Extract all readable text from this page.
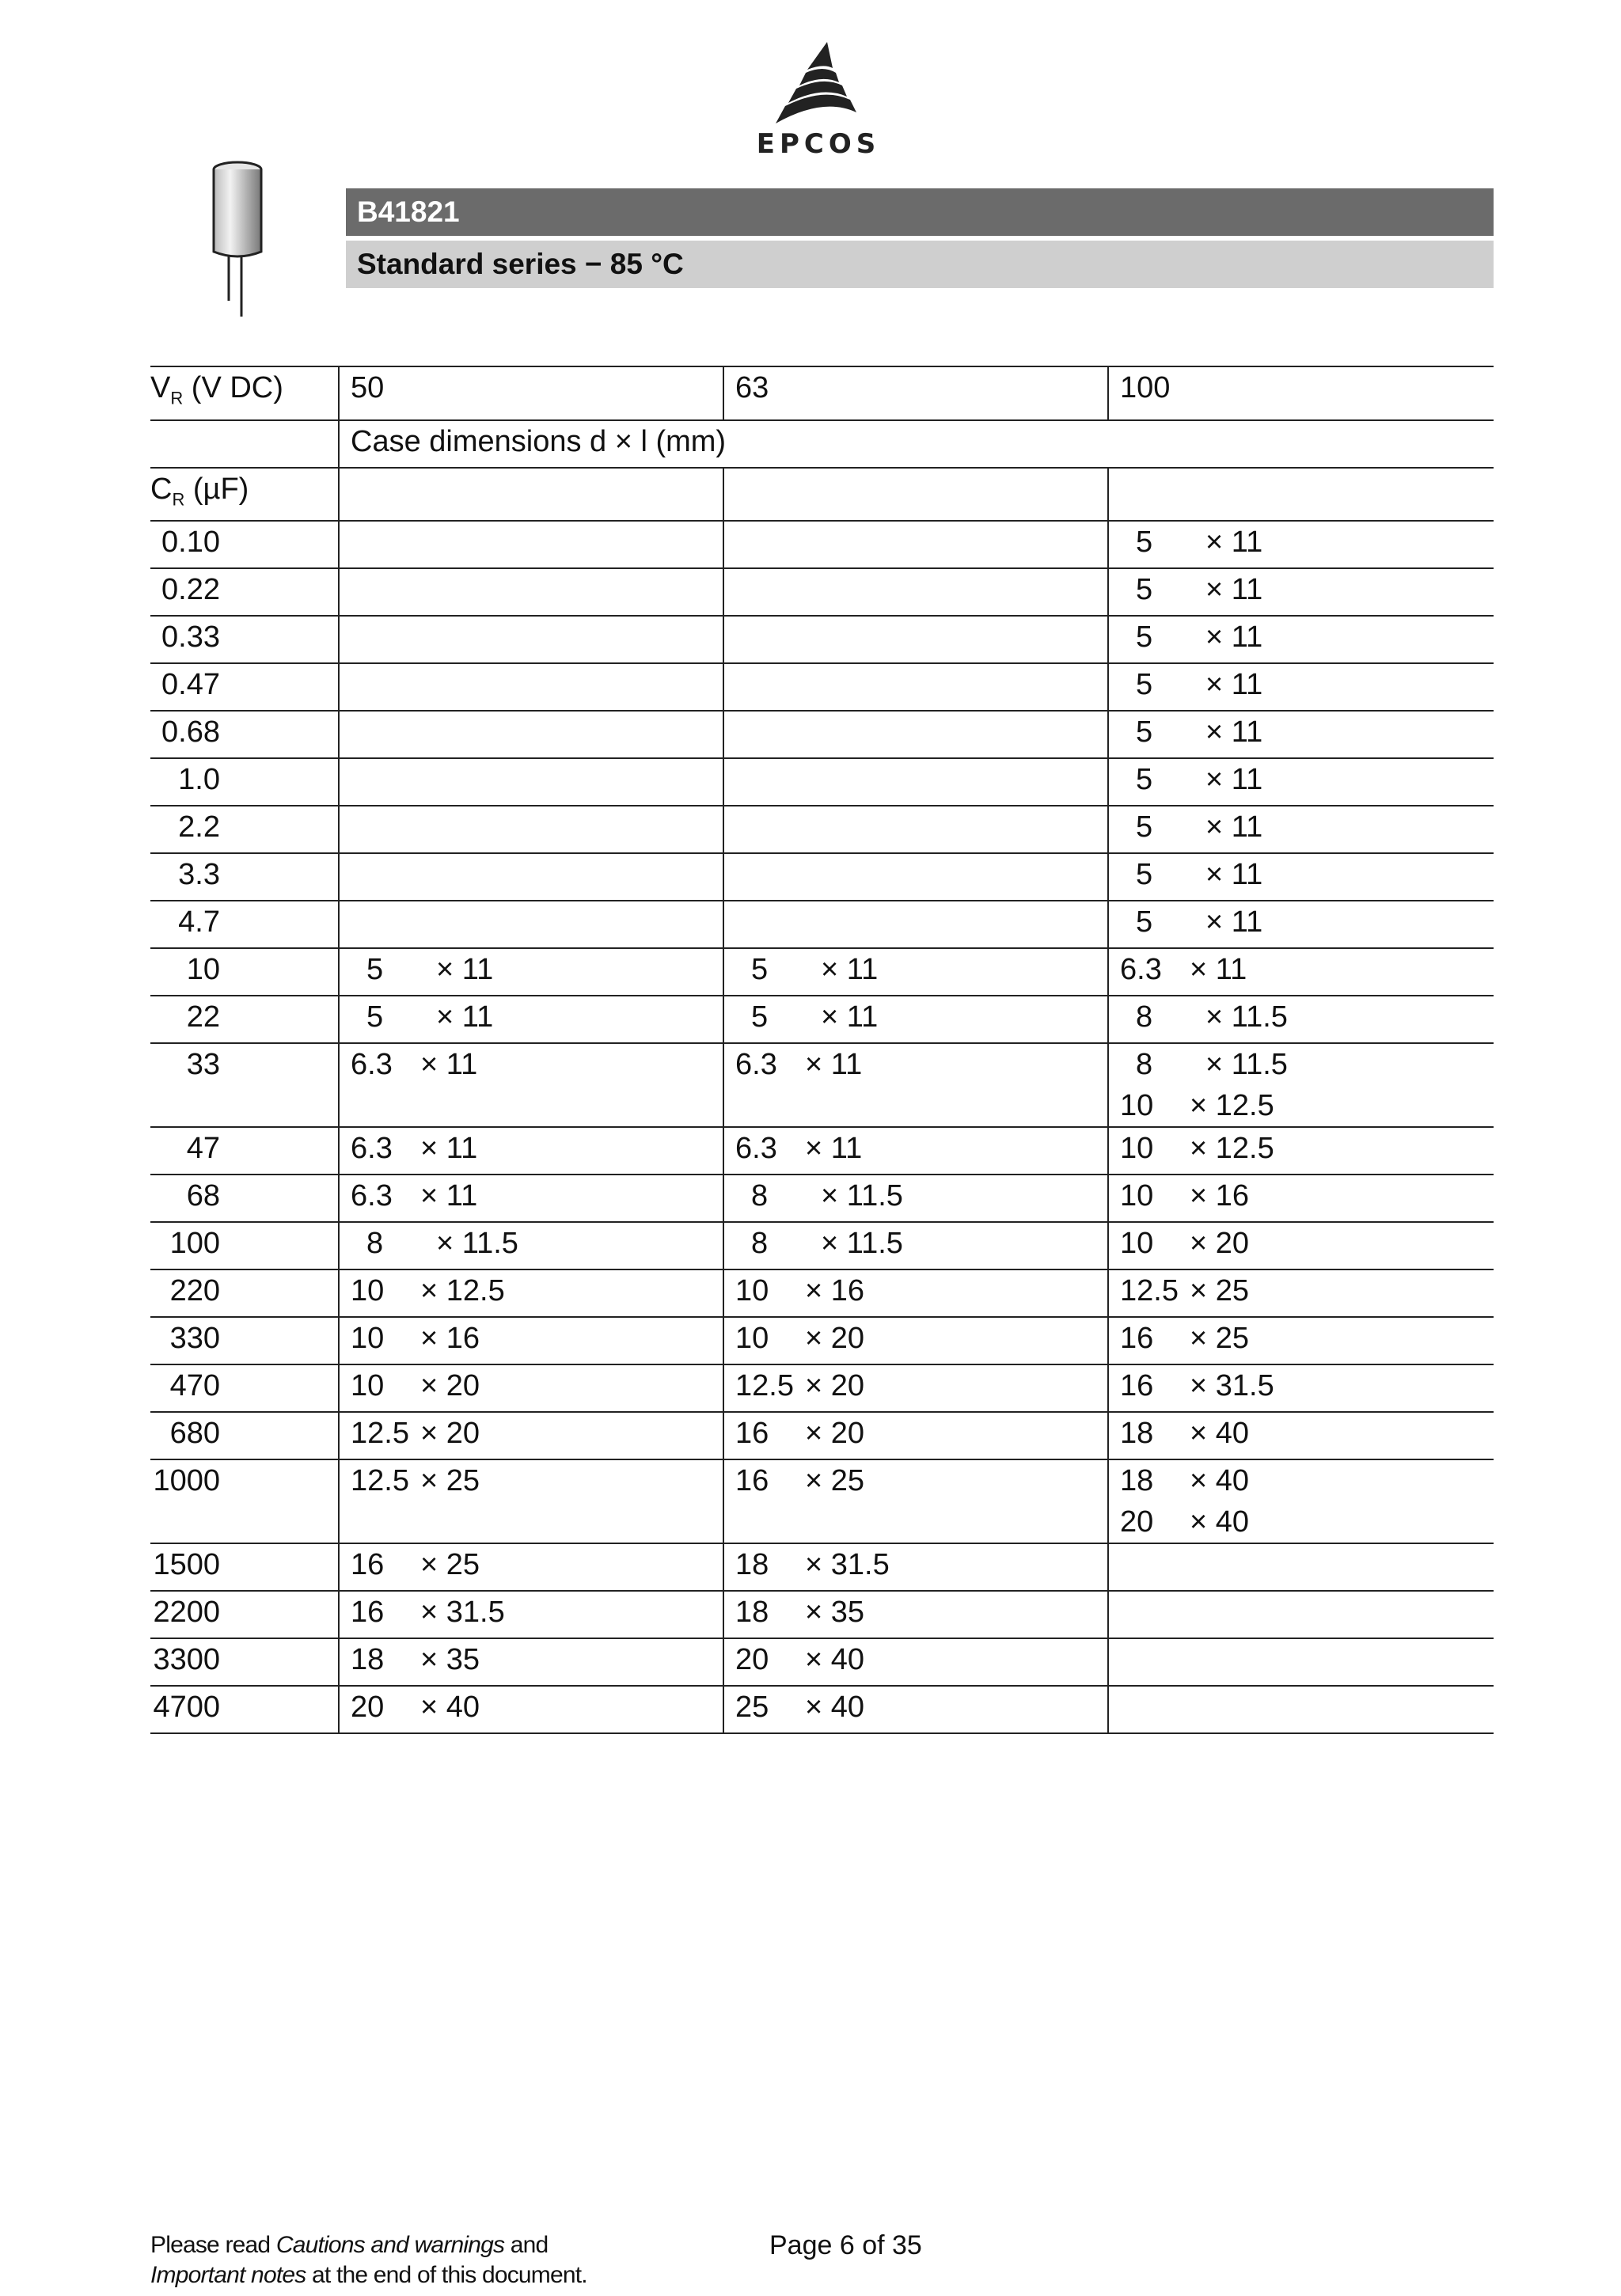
EPCOS
B41821
Standard series − 85 °C
$V_R$ (V DC)	50	63	100
	Case dimensions d × l (mm)		
$C_R$ (µF)			
0.10			5 × 11

0.22			5 × 11

0.33			5 × 11

0.47			5 × 11

0.68			5 × 11

1.0			5 × 11

2.2			5 × 11

3.3			5 × 11

4.7			5 × 11

10	5 × 11	5 × 11	6.3 × 11

22	5 × 11	5 × 11	8 × 11.5

33	6.3 × 11	6.3 × 11	8 × 11.5
10 × 12.5

47	6.3 × 11	6.3 × 11	10 × 12.5

68	6.3 × 11	8 × 11.5	10 × 16

100	8 × 11.5	8 × 11.5	10 × 20

220	10 × 12.5	10 × 16	12.5 × 25

330	10 × 16	10 × 20	16 × 25

470	10 × 20	12.5 × 20	16 × 31.5

680	12.5 × 20	16 × 20	18 × 40

1000	12.5 × 25	16 × 25	18 × 40
20 × 40

1500	16 × 25	18 × 31.5	

2200	16 × 31.5	18 × 35	

3300	18 × 35	20 × 40	

4700	20 × 40	25 × 40	

Please read Cautions and warnings and
Important notes at the end of this document.
Page 6 of 35
